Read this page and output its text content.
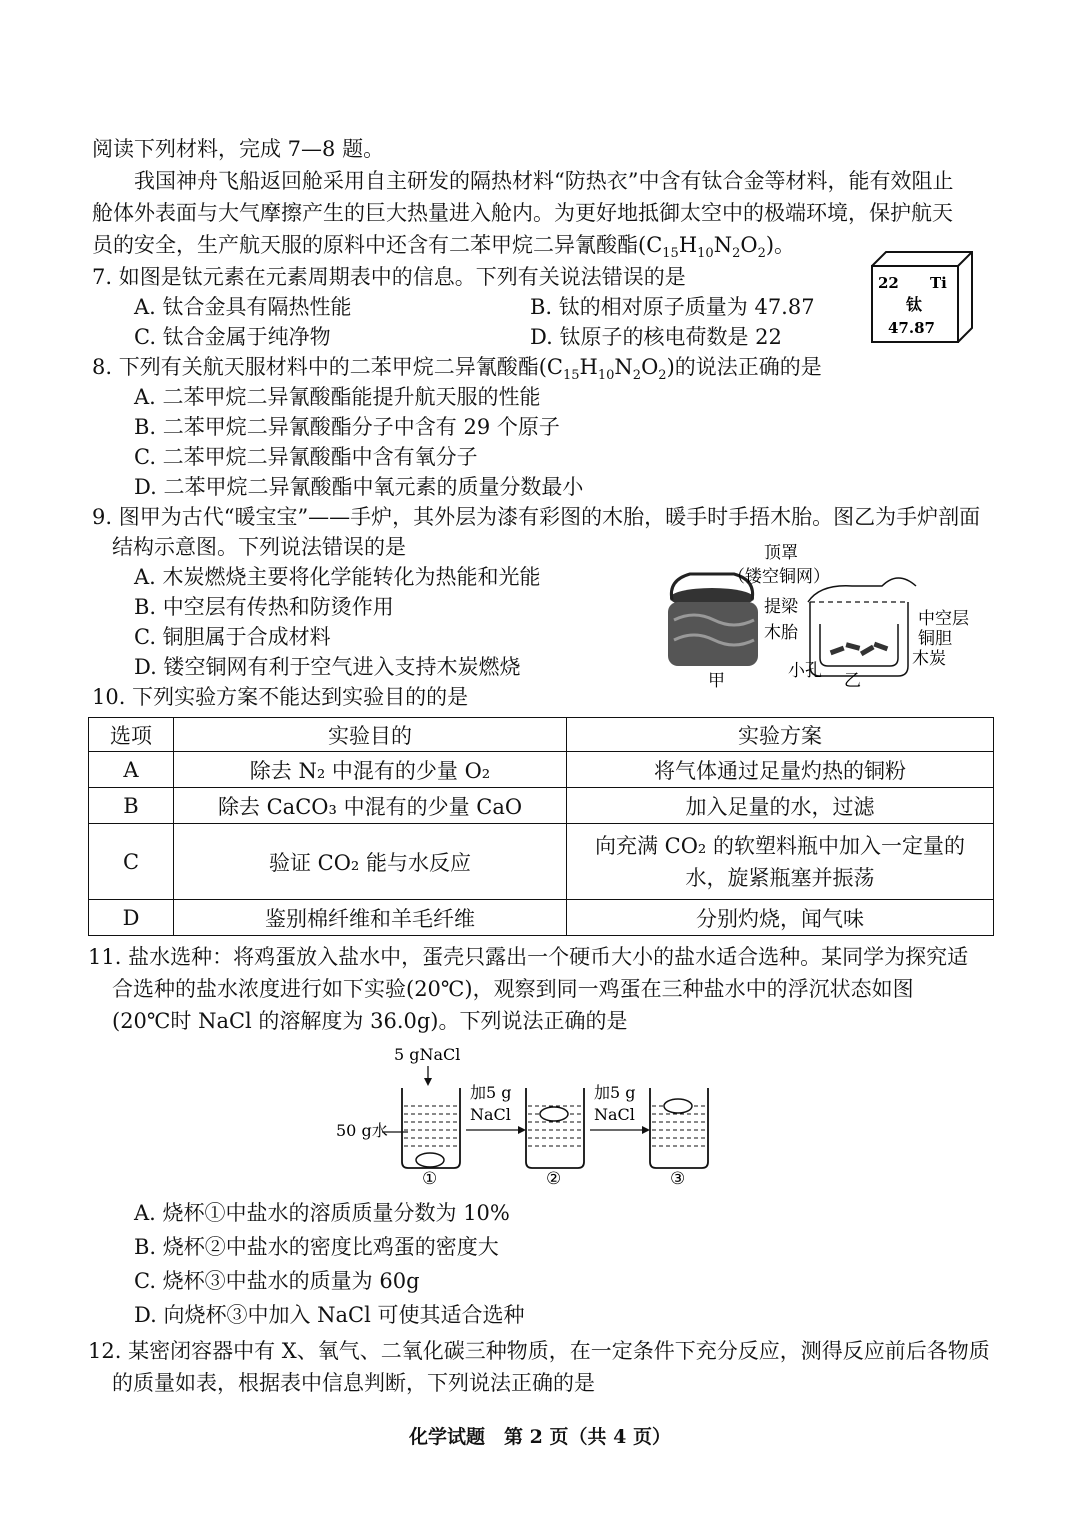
阅读下列材料，完成 7—8 题。
我国神舟飞船返回舱采用自主研发的隔热材料“防热衣”中含有钛合金等材料，能有效阻止
舱体外表面与大气摩擦产生的巨大热量进入舱内。为更好地抵御太空中的极端环境，保护航天
员的安全，生产航天服的原料中还含有二苯甲烷二异氰酸酯$(C_{15}H_{10}N_2O_2)$。
7. 如图是钛元素在元素周期表中的信息。下列有关说法错误的是
A. 钛合金具有隔热性能	B. 钛的相对原子质量为 47.87
C. 钛合金属于纯净物	D. 钛原子的核电荷数是 22
22 Ti
钛
47.87
8. 下列有关航天服材料中的二苯甲烷二异氰酸酯$(C_{15}H_{10}N_2O_2)$的说法正确的是
A. 二苯甲烷二异氰酸酯能提升航天服的性能
B. 二苯甲烷二异氰酸酯分子中含有 29 个原子
C. 二苯甲烷二异氰酸酯中含有氧分子
D. 二苯甲烷二异氰酸酯中氧元素的质量分数最小
9. 图甲为古代“暖宝宝”——手炉，其外层为漆有彩图的木胎，暖手时手捂木胎。图乙为手炉剖面
结构示意图。下列说法错误的是
A. 木炭燃烧主要将化学能转化为热能和光能
B. 中空层有传热和防烫作用
C. 铜胆属于合成材料
D. 镂空铜网有利于空气进入支持木炭燃烧
顶罩
（镂空铜网）
提梁
木胎
中空层
铜胆
木炭
小孔
甲	乙
10. 下列实验方案不能达到实验目的的是
选项	实验目的	实验方案
A	除去 N₂ 中混有的少量 O₂	将气体通过足量灼热的铜粉
B	除去 CaCO₃ 中混有的少量 CaO	加入足量的水，过滤
C	验证 CO₂ 能与水反应	向充满 CO₂ 的软塑料瓶中加入一定量的水，旋紧瓶塞并振荡
D	鉴别棉纤维和羊毛纤维	分别灼烧，闻气味
11. 盐水选种：将鸡蛋放入盐水中，蛋壳只露出一个硬币大小的盐水适合选种。某同学为探究适
合选种的盐水浓度进行如下实验(20℃)，观察到同一鸡蛋在三种盐水中的浮沉状态如图
(20℃时 NaCl 的溶解度为 36.0g)。下列说法正确的是
5 gNaCl
50 g水
加5 g
NaCl
加5 g
NaCl
①	②	③
A. 烧杯①中盐水的溶质质量分数为 10%
B. 烧杯②中盐水的密度比鸡蛋的密度大
C. 烧杯③中盐水的质量为 60g
D. 向烧杯③中加入 NaCl 可使其适合选种
12. 某密闭容器中有 X、氧气、二氧化碳三种物质，在一定条件下充分反应，测得反应前后各物质
的质量如表，根据表中信息判断，下列说法正确的是
化学试题　第 2 页（共 4 页）
